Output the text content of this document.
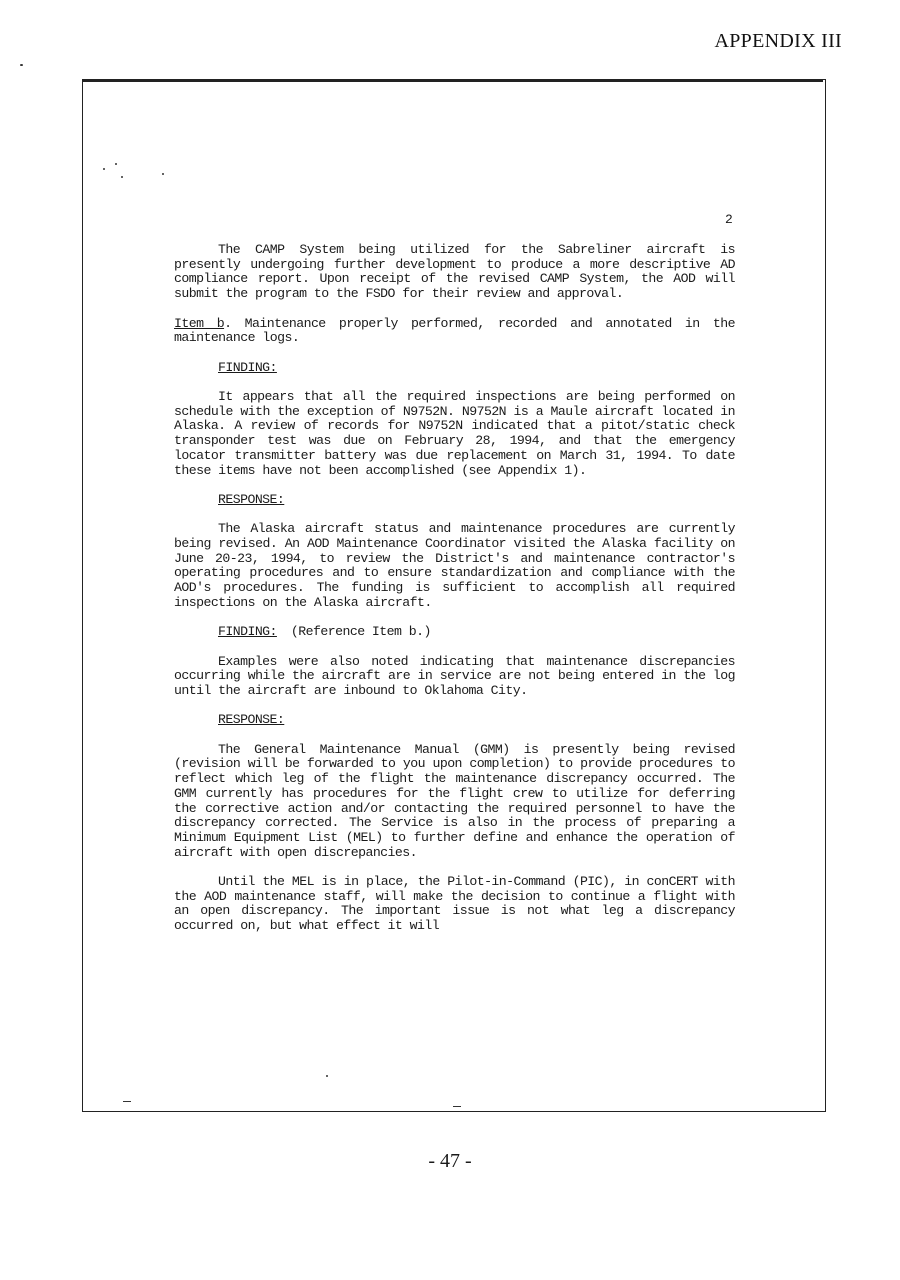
APPENDIX III
2

The CAMP System being utilized for the Sabreliner aircraft is presently undergoing further development to produce a more descriptive AD compliance report. Upon receipt of the revised CAMP System, the AOD will submit the program to the FSDO for their review and approval.

Item b. Maintenance properly performed, recorded and annotated in the maintenance logs.

FINDING:

It appears that all the required inspections are being performed on schedule with the exception of N9752N. N9752N is a Maule aircraft located in Alaska. A review of records for N9752N indicated that a pitot/static check transponder test was due on February 28, 1994, and that the emergency locator transmitter battery was due replacement on March 31, 1994. To date these items have not been accomplished (see Appendix 1).

RESPONSE:

The Alaska aircraft status and maintenance procedures are currently being revised. An AOD Maintenance Coordinator visited the Alaska facility on June 20-23, 1994, to review the District's and maintenance contractor's operating procedures and to ensure standardization and compliance with the AOD's procedures. The funding is sufficient to accomplish all required inspections on the Alaska aircraft.

FINDING: (Reference Item b.)

Examples were also noted indicating that maintenance discrepancies occurring while the aircraft are in service are not being entered in the log until the aircraft are inbound to Oklahoma City.

RESPONSE:

The General Maintenance Manual (GMM) is presently being revised (revision will be forwarded to you upon completion) to provide procedures to reflect which leg of the flight the maintenance discrepancy occurred. The GMM currently has procedures for the flight crew to utilize for deferring the corrective action and/or contacting the required personnel to have the discrepancy corrected. The Service is also in the process of preparing a Minimum Equipment List (MEL) to further define and enhance the operation of aircraft with open discrepancies.

Until the MEL is in place, the Pilot-in-Command (PIC), in conCERT with the AOD maintenance staff, will make the decision to continue a flight with an open discrepancy. The important issue is not what leg a discrepancy occurred on, but what effect it will

- 47 -
